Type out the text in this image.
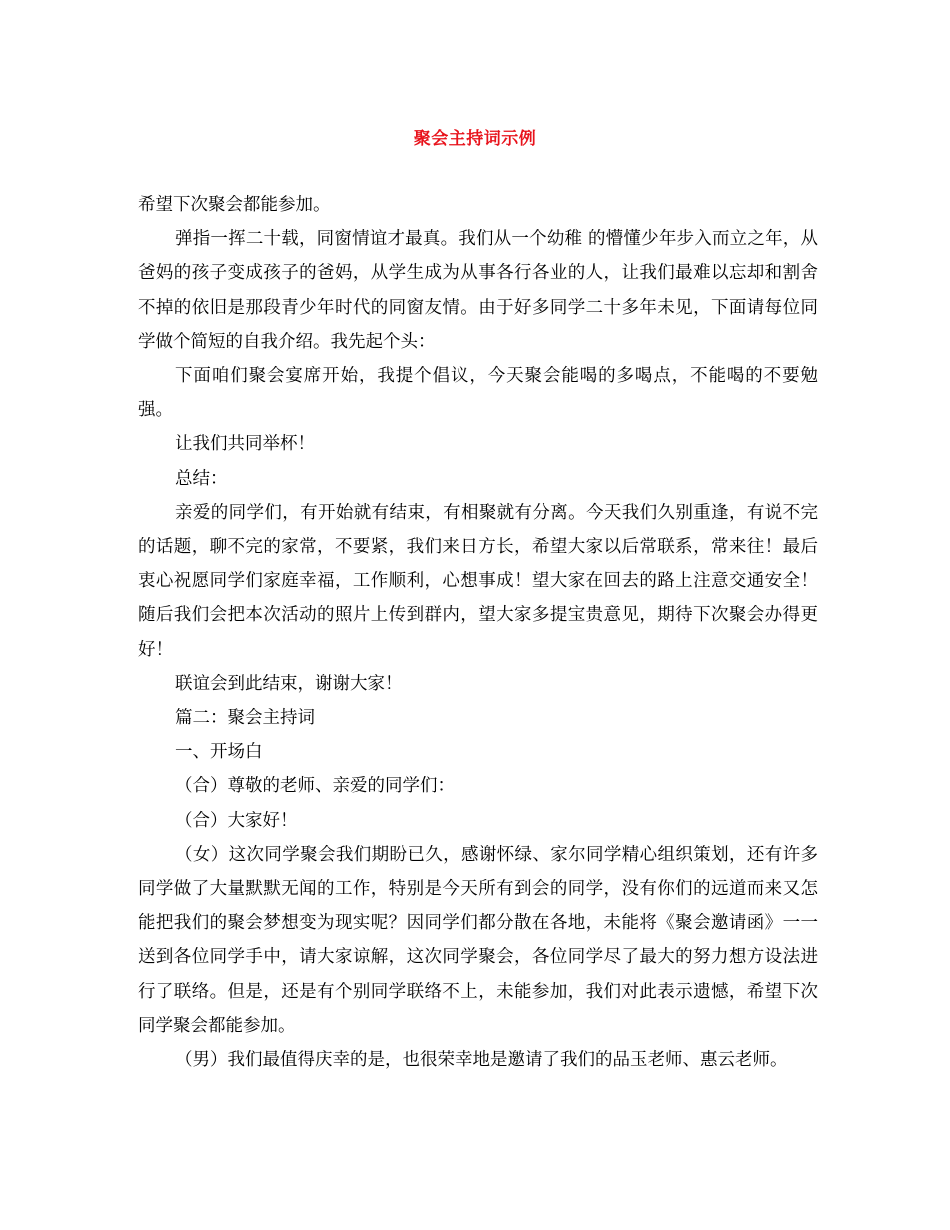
聚会主持词示例

希望下次聚会都能参加。

弹指一挥二十载，同窗情谊才最真。我们从一个幼稚 的懵懂少年步入而立之年，从爸妈的孩子变成孩子的爸妈，从学生成为从事各行各业的人，让我们最难以忘却和割舍不掉的依旧是那段青少年时代的同窗友情。由于好多同学二十多年未见，下面请每位同学做个简短的自我介绍。我先起个头：

下面咱们聚会宴席开始，我提个倡议，今天聚会能喝的多喝点，不能喝的不要勉强。

让我们共同举杯！

总结：

亲爱的同学们，有开始就有结束，有相聚就有分离。今天我们久别重逢，有说不完的话题，聊不完的家常，不要紧，我们来日方长，希望大家以后常联系，常来往！最后衷心祝愿同学们家庭幸福，工作顺利，心想事成！望大家在回去的路上注意交通安全！随后我们会把本次活动的照片上传到群内，望大家多提宝贵意见，期待下次聚会办得更好！

联谊会到此结束，谢谢大家！

篇二：聚会主持词

一、开场白

（合）尊敬的老师、亲爱的同学们：

（合）大家好！

（女）这次同学聚会我们期盼已久，感谢怀绿、家尔同学精心组织策划，还有许多同学做了大量默默无闻的工作，特别是今天所有到会的同学，没有你们的远道而来又怎能把我们的聚会梦想变为现实呢？因同学们都分散在各地，未能将《聚会邀请函》一一送到各位同学手中，请大家谅解，这次同学聚会，各位同学尽了最大的努力想方设法进行了联络。但是，还是有个别同学联络不上，未能参加，我们对此表示遗憾，希望下次同学聚会都能参加。

（男）我们最值得庆幸的是，也很荣幸地是邀请了我们的品玉老师、惠云老师。
